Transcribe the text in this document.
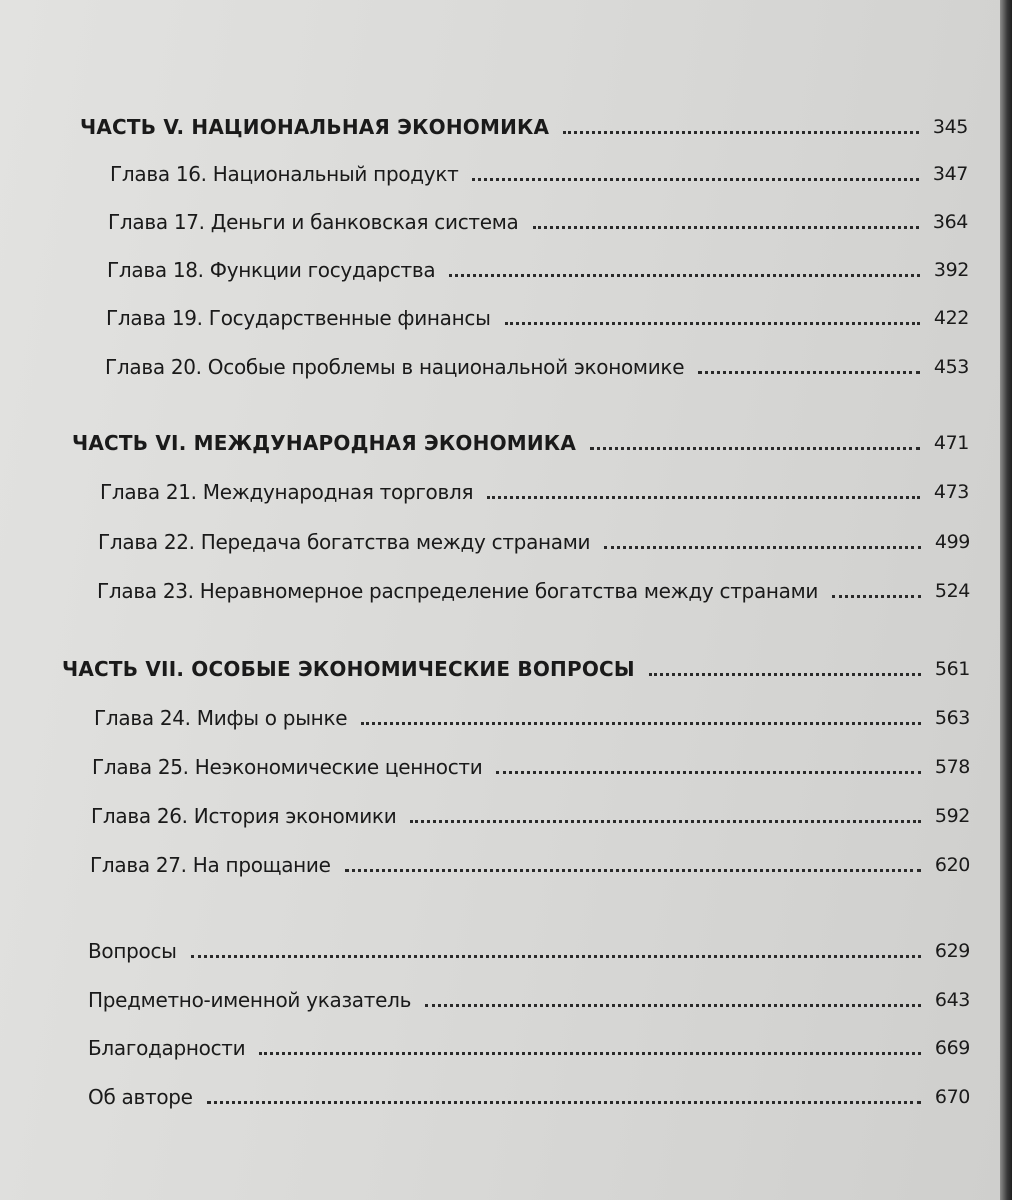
ЧАСТЬ V. НАЦИОНАЛЬНАЯ ЭКОНОМИКА	345
Глава 16. Национальный продукт	347
Глава 17. Деньги и банковская система	364
Глава 18. Функции государства	392
Глава 19. Государственные финансы	422
Глава 20. Особые проблемы в национальной экономике	453
ЧАСТЬ VI. МЕЖДУНАРОДНАЯ ЭКОНОМИКА	471
Глава 21. Международная торговля	473
Глава 22. Передача богатства между странами	499
Глава 23. Неравномерное распределение богатства между странами	524
ЧАСТЬ VII. ОСОБЫЕ ЭКОНОМИЧЕСКИЕ ВОПРОСЫ	561
Глава 24. Мифы о рынке	563
Глава 25. Неэкономические ценности	578
Глава 26. История экономики	592
Глава 27. На прощание	620
Вопросы	629
Предметно-именной указатель	643
Благодарности	669
Об авторе	670
